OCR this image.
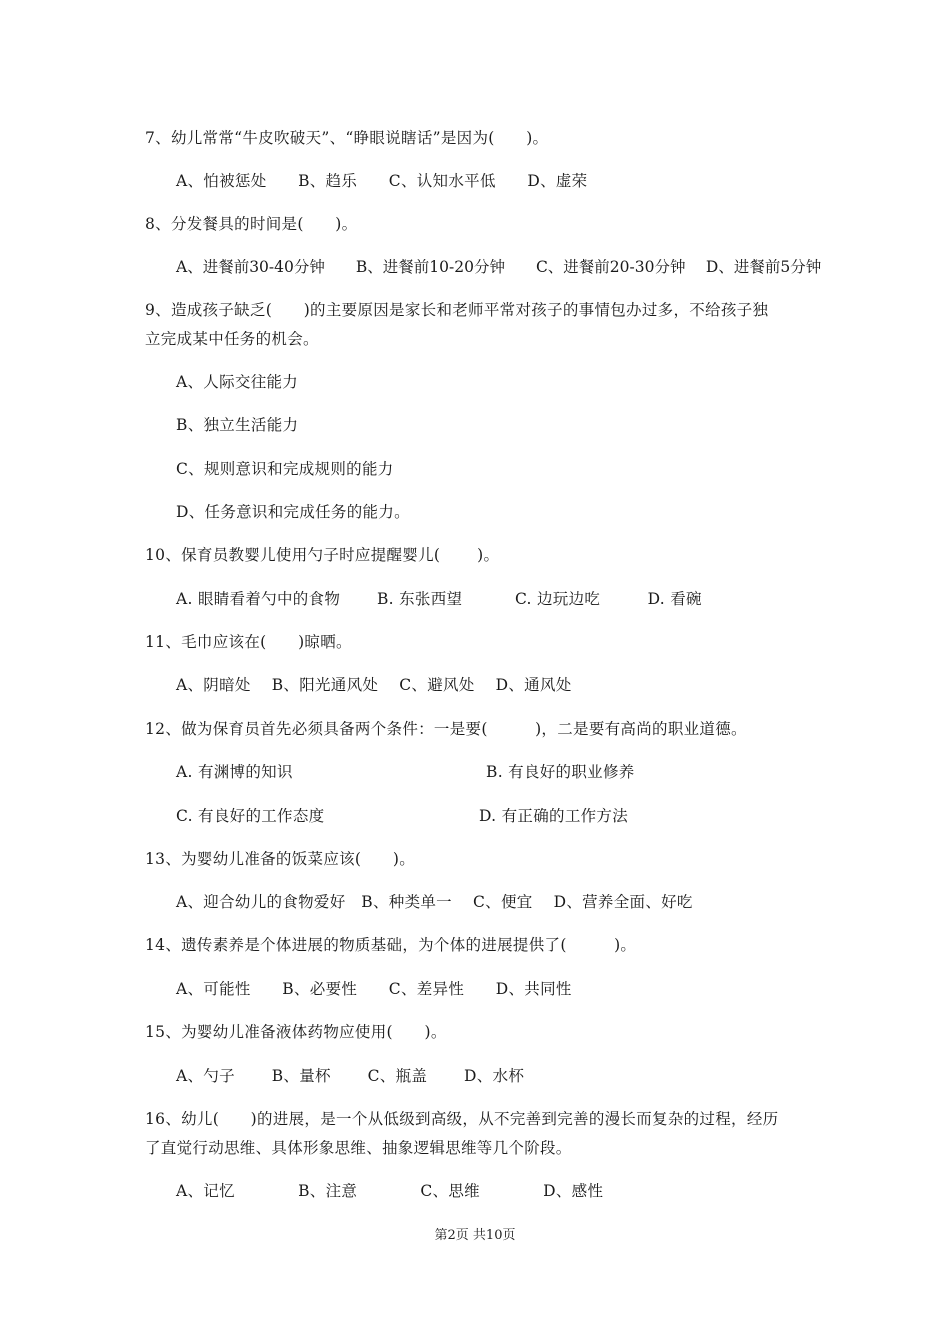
7、幼儿常常“牛皮吹破天”、“睁眼说瞎话”是因为(　　)。
A、怕被惩处　　B、趋乐　　C、认知水平低　　D、虚荣
8、分发餐具的时间是(　　)。
A、进餐前30-40分钟　　B、进餐前10-20分钟　　C、进餐前20-30分钟　 D、进餐前5分钟
9、造成孩子缺乏(　　)的主要原因是家长和老师平常对孩子的事情包办过多，不给孩子独
立完成某中任务的机会。
A、人际交往能力
B、独立生活能力
C、规则意识和完成规则的能力
D、任务意识和完成任务的能力。
10、保育员教婴儿使用勺子时应提醒婴儿(　　 )。
A. 眼睛看着勺中的食物　　 B. 东张西望　　　 C. 边玩边吃　　　D. 看碗
11、毛巾应该在(　　)晾晒。
A、阴暗处　 B、阳光通风处　 C、避风处　 D、通风处
12、做为保育员首先必须具备两个条件：一是要(　　　)，二是要有高尚的职业道德。
A. 有渊博的知识	B. 有良好的职业修养
C. 有良好的工作态度	D. 有正确的工作方法
13、为婴幼儿准备的饭菜应该(　　)。
A、迎合幼儿的食物爱好　B、种类单一　 C、便宜　 D、营养全面、好吃
14、遗传素养是个体进展的物质基础，为个体的进展提供了(　　　)。
A、可能性　　B、必要性　　C、差异性　　D、共同性
15、为婴幼儿准备液体药物应使用(　　)。
A、勺子　　 B、量杯　　 C、瓶盖　　 D、水杯
16、幼儿(　　)的进展，是一个从低级到高级，从不完善到完善的漫长而复杂的过程，经历
了直觉行动思维、具体形象思维、抽象逻辑思维等几个阶段。
A、记忆　　　　B、注意　　　　C、思维　　　　D、感性
第2页 共10页
